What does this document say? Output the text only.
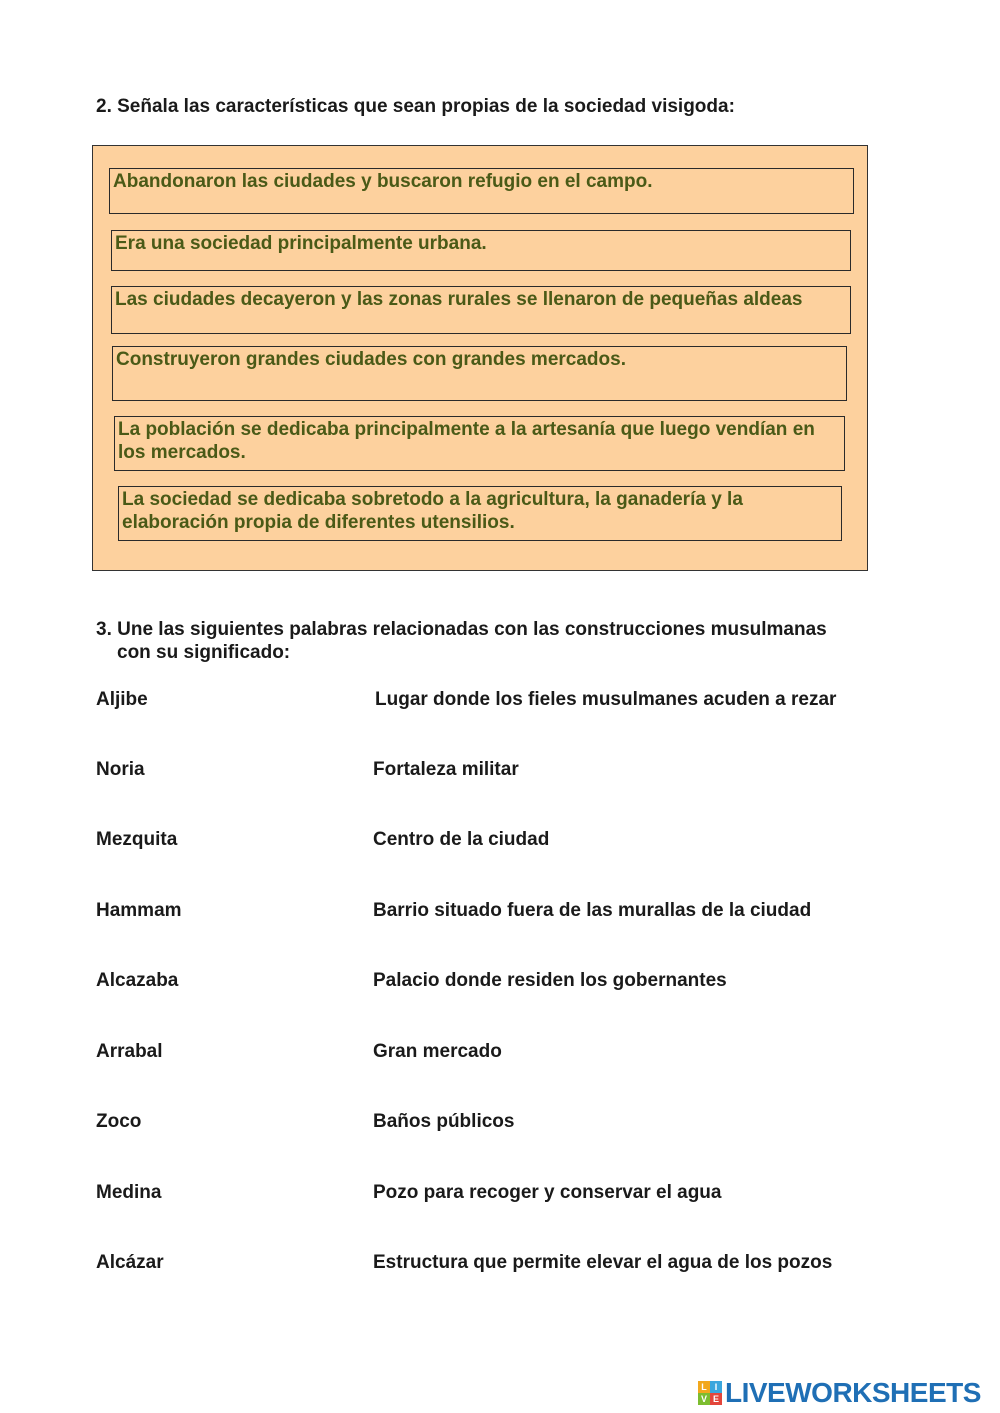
2. Señala las características que sean propias de la sociedad visigoda:

Abandonaron las ciudades y buscaron refugio en el campo.
Era una sociedad principalmente urbana.
Las ciudades decayeron y las zonas rurales se llenaron de pequeñas aldeas
Construyeron grandes ciudades con grandes mercados.
La población se dedicaba principalmente a la artesanía que luego vendían en los mercados.
La sociedad se dedicaba sobretodo a la agricultura, la ganadería y la elaboración propia de diferentes utensilios.

3. Une las siguientes palabras relacionadas con las construcciones musulmanas
con su significado:

Aljibe	Lugar donde los fieles musulmanes acuden a rezar
Noria	Fortaleza militar
Mezquita	Centro de la ciudad
Hammam	Barrio situado fuera de las murallas de la ciudad
Alcazaba	Palacio donde residen los gobernantes
Arrabal	Gran mercado
Zoco	Baños públicos
Medina	Pozo para recoger y conservar el agua
Alcázar	Estructura que permite elevar el agua de los pozos
L I
V E LIVEWORKSHEETS
